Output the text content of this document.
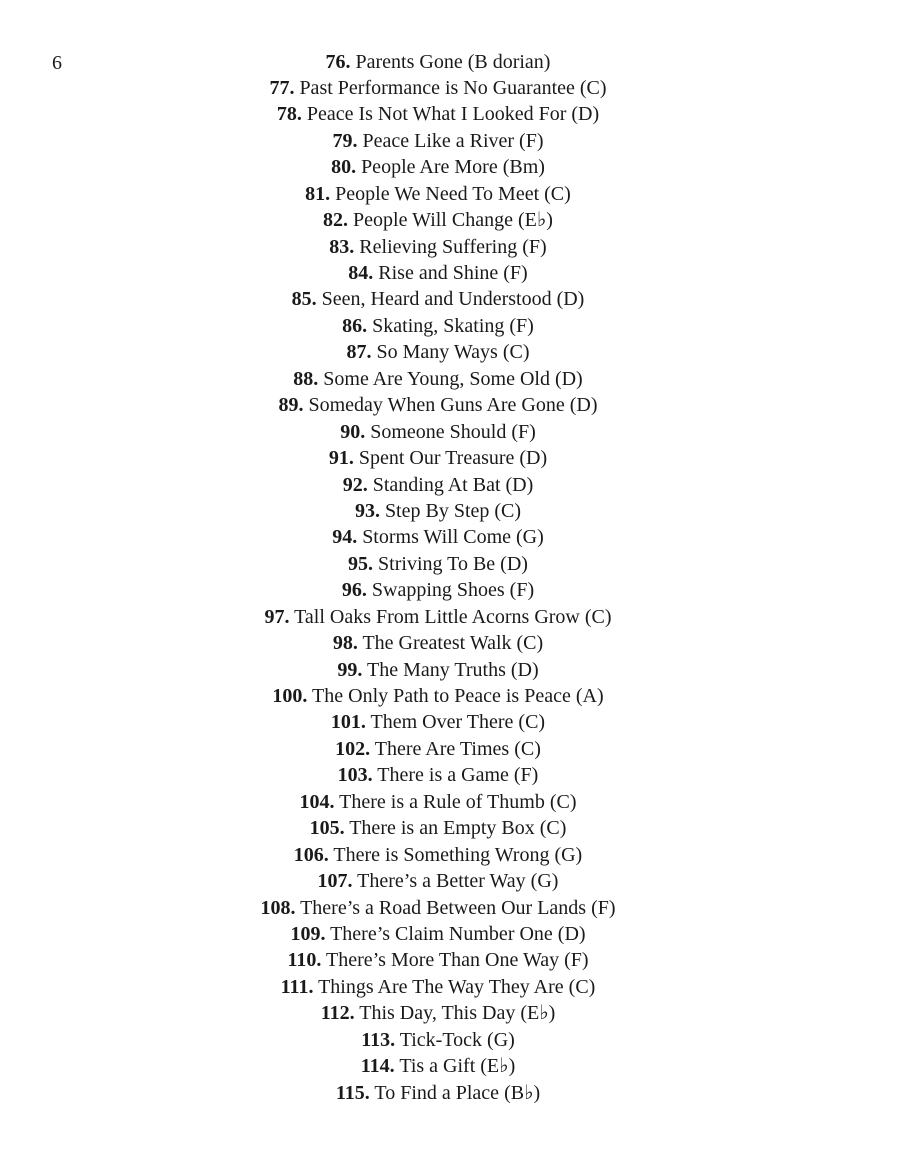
6	76. Parents Gone (B dorian)
77. Past Performance is No Guarantee (C)
78. Peace Is Not What I Looked For (D)
79. Peace Like a River (F)
80. People Are More (Bm)
81. People We Need To Meet (C)
82. People Will Change (E♭)
83. Relieving Suffering (F)
84. Rise and Shine (F)
85. Seen, Heard and Understood (D)
86. Skating, Skating (F)
87. So Many Ways (C)
88. Some Are Young, Some Old (D)
89. Someday When Guns Are Gone (D)
90. Someone Should (F)
91. Spent Our Treasure (D)
92. Standing At Bat (D)
93. Step By Step (C)
94. Storms Will Come (G)
95. Striving To Be (D)
96. Swapping Shoes (F)
97. Tall Oaks From Little Acorns Grow (C)
98. The Greatest Walk (C)
99. The Many Truths (D)
100. The Only Path to Peace is Peace (A)
101. Them Over There (C)
102. There Are Times (C)
103. There is a Game (F)
104. There is a Rule of Thumb (C)
105. There is an Empty Box (C)
106. There is Something Wrong (G)
107. There’s a Better Way (G)
108. There’s a Road Between Our Lands (F)
109. There’s Claim Number One (D)
110. There’s More Than One Way (F)
111. Things Are The Way They Are (C)
112. This Day, This Day (E♭)
113. Tick-Tock (G)
114. Tis a Gift (E♭)
115. To Find a Place (B♭)
